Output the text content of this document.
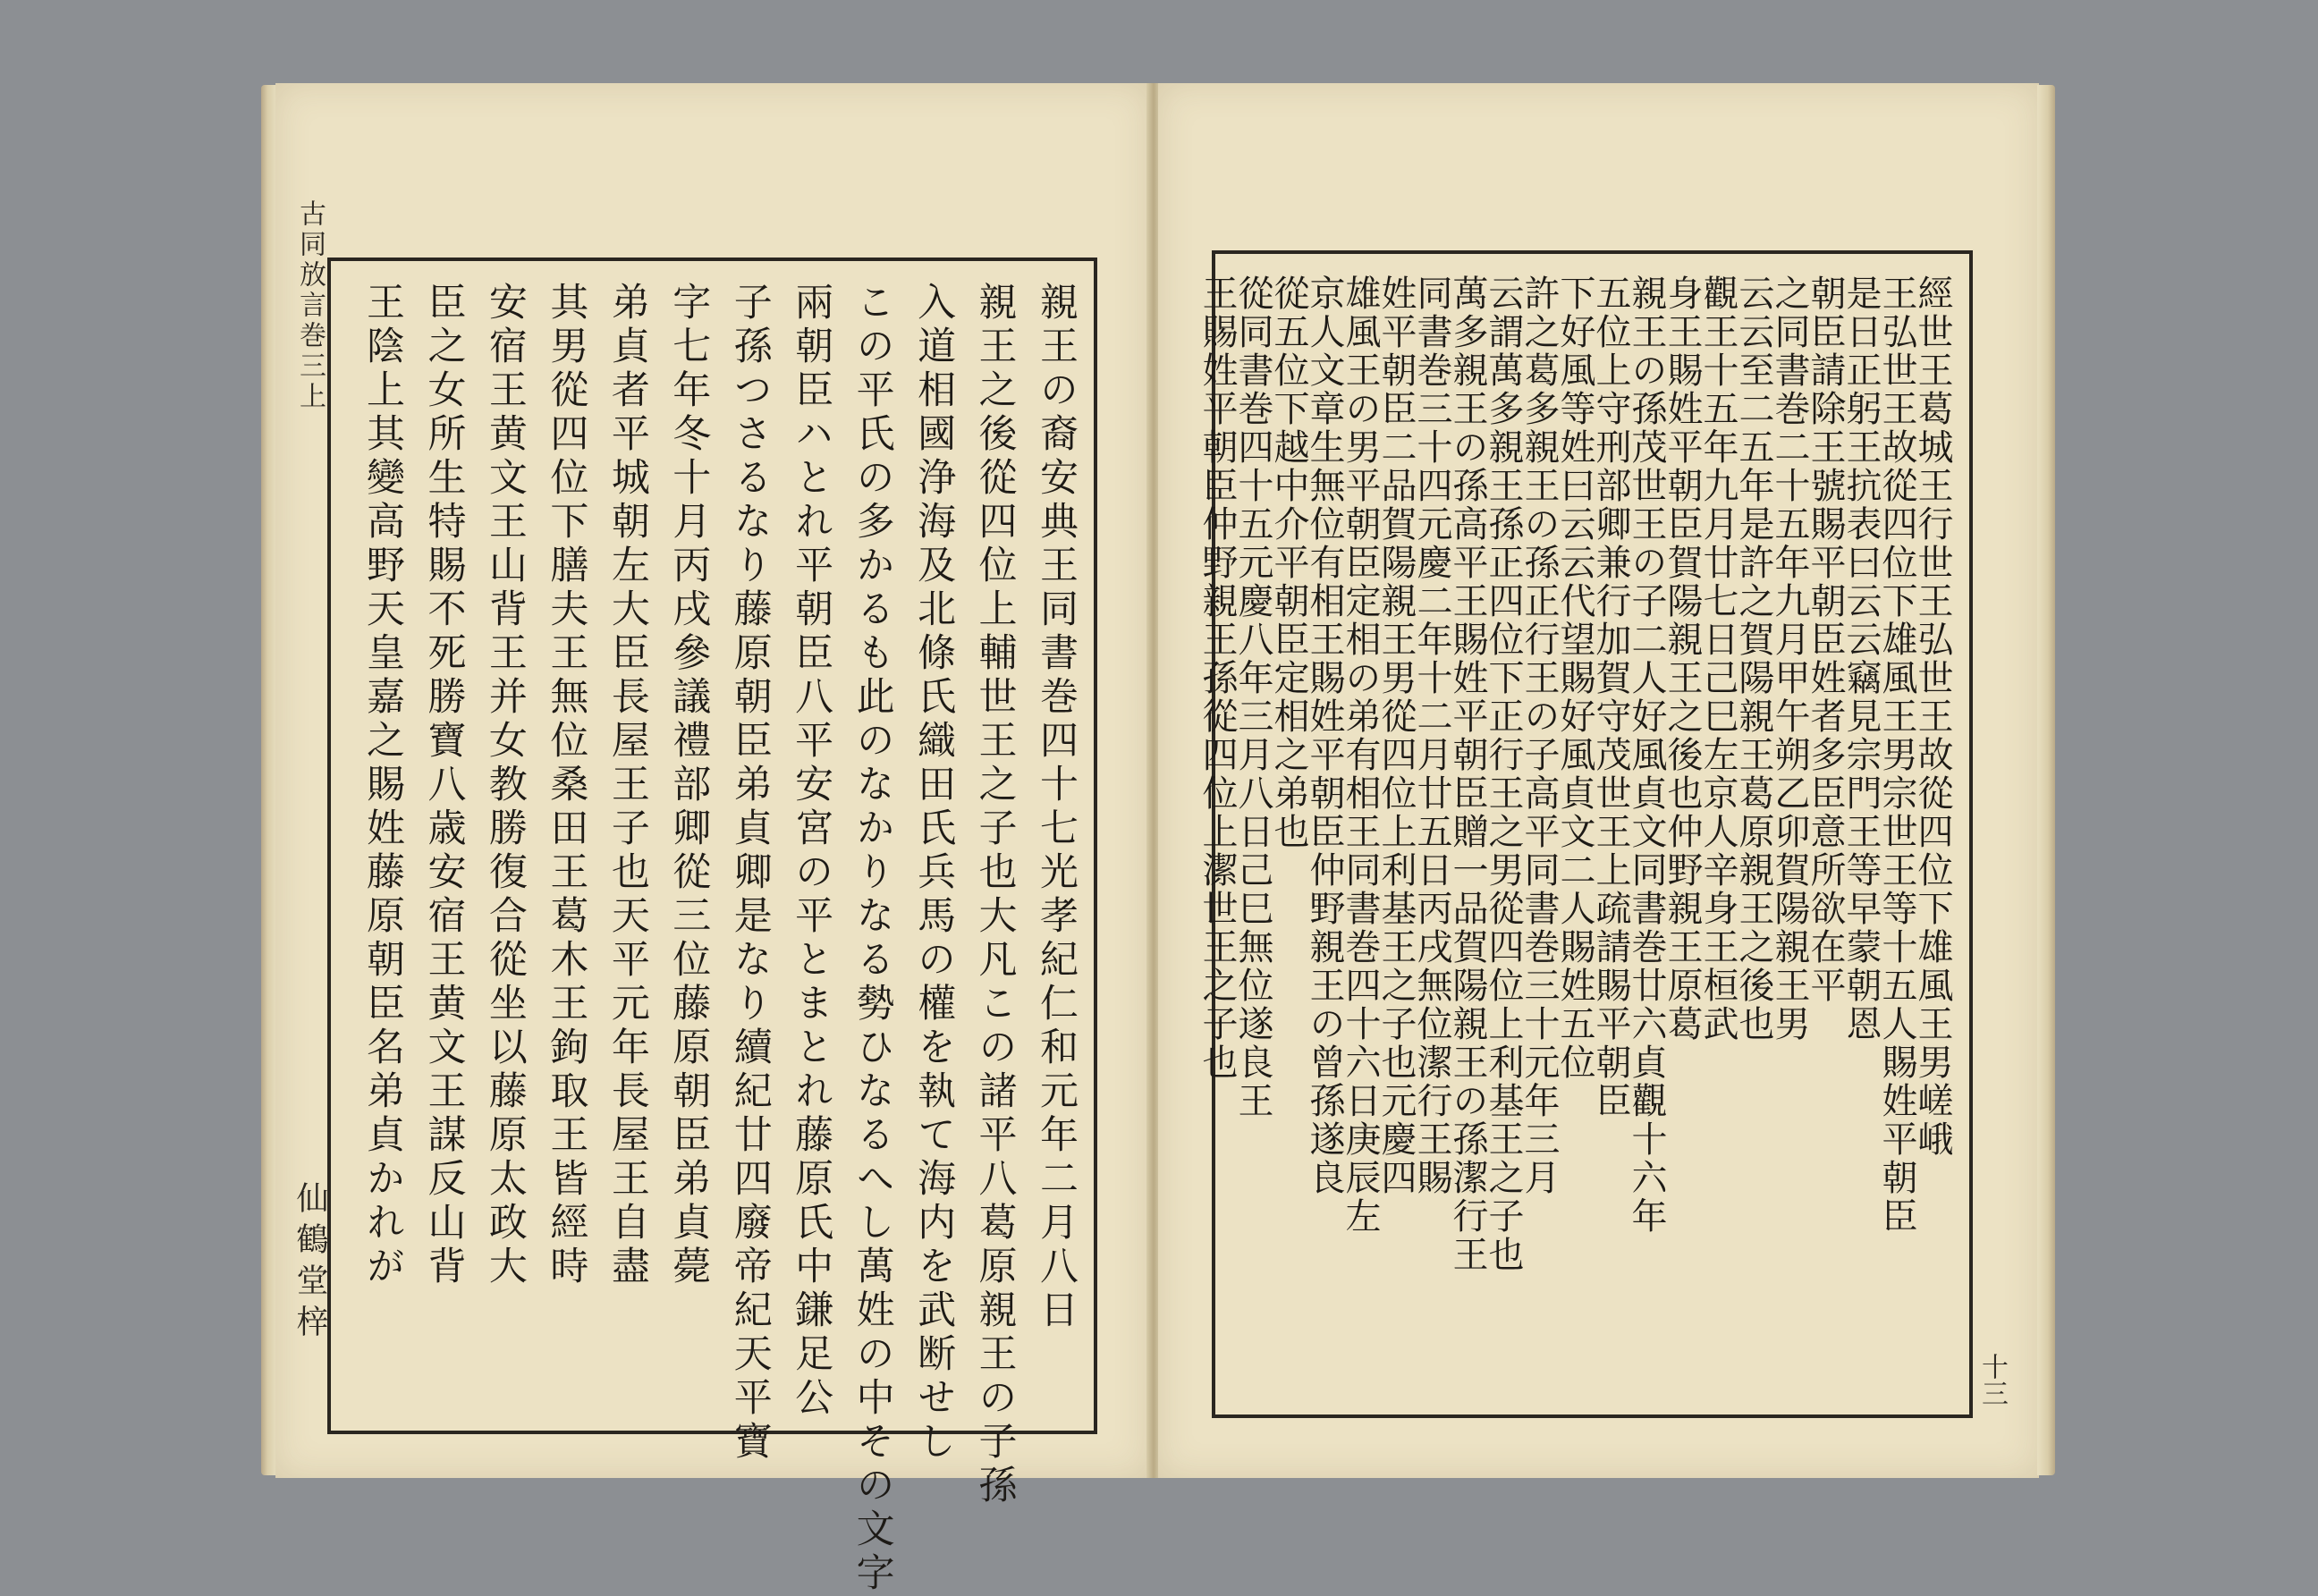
古同放言巻三上	親王の裔安典王同書巻四十七光孝紀仁和元年二月八日
親王之後從四位上輔世王之子也大凡この諸平八葛原親王の子孫
入道相國浄海及北條氏織田氏兵馬の權を執て海内を武断せし
この平氏の多かるも此のなかりなる勢ひなるへし萬姓の中その文字
兩朝臣ハとれ平朝臣八平安宮の平とまとれ藤原氏中鎌足公
子孫つさるなり藤原朝臣弟貞卿是なり續紀廿四廢帝紀天平寶
字七年冬十月丙戌參議禮部卿從三位藤原朝臣弟貞薨
弟貞者平城朝左大臣長屋王子也天平元年長屋王自盡
其男從四位下膳夫王無位桑田王葛木王鉤取王皆經時
安宿王黄文王山背王并女教勝復合從坐以藤原太政大
臣之女所生特賜不死勝寶八歳安宿王黄文王謀反山背
王陰上其變高野天皇嘉之賜姓藤原朝臣名弟貞かれが
仙鶴堂梓
經世王葛城王行世王弘世王故從四位下雄風王男嵯峨
王弘世王故從四位下雄風王男宗世王等十五人賜姓平朝臣
是日正躬王抗表曰云云竊見宗門王等早蒙朝恩
朝臣請除王號賜平朝臣姓者多臣意所欲在平
之同書巻二十五年九月甲午朔乙卯賀陽親王男
云云至二五年是許之賀陽親王葛原親王之後也
觀王十五年九月廿七日己巳左京人辛身王桓武
身王賜姓平朝臣賀陽親王之後也仲野親王原葛
親王の孫茂世王の子二人好風貞文同書巻廿六貞觀十六年
五位上守刑部卿兼行加賀守茂世王上疏請賜平朝臣
下好風等姓曰云云代望賜好風貞文二人賜姓五位
許之葛多親王の孫正行王の子高平同書巻三十元年三月
云謂萬多親王孫正四位下正行王之男從四位上利基王之子也
萬多親王の孫高平王賜姓平朝臣贈一品賀陽親王の孫潔行王
同書巻三十四元慶二年十二月廿五日丙戌無位潔行王賜
姓平朝臣二品賀陽親王男從四位上利基王之子也元慶四
雄風王の男平朝臣定相の弟有相王同書巻四十六日庚辰左
京人文章生無位有相王賜姓平朝臣仲野親王の曾孫遂良
從五位下越中介平朝臣定相之弟也
從同書巻四十五元慶八年三月八日己巳無位遂良王
王賜姓平朝臣仲野親王孫從四位上潔世王之子也
十三
